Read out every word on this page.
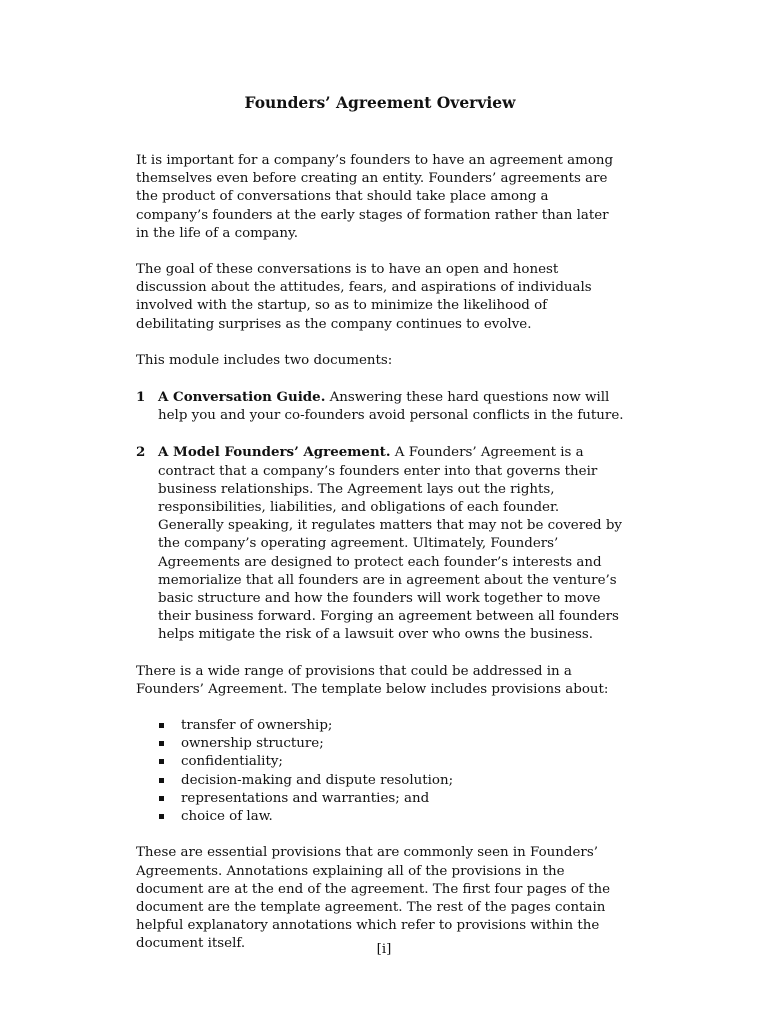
Founders’ Agreement Overview

It is important for a company’s founders to have an agreement among themselves even before creating an entity. Founders’ agreements are the product of conversations that should take place among a company’s founders at the early stages of formation rather than later in the life of a company.

The goal of these conversations is to have an open and honest discussion about the attitudes, fears, and aspirations of individuals involved with the startup, so as to minimize the likelihood of debilitating surprises as the company continues to evolve.

This module includes two documents:

1 A Conversation Guide. Answering these hard questions now will help you and your co-founders avoid personal conflicts in the future.
2 A Model Founders’ Agreement. A Founders’ Agreement is a contract that a company’s founders enter into that governs their business relationships. The Agreement lays out the rights, responsibilities, liabilities, and obligations of each founder. Generally speaking, it regulates matters that may not be covered by the company’s operating agreement. Ultimately, Founders’ Agreements are designed to protect each founder’s interests and memorialize that all founders are in agreement about the venture’s basic structure and how the founders will work together to move their business forward. Forging an agreement between all founders helps mitigate the risk of a lawsuit over who owns the business.

There is a wide range of provisions that could be addressed in a Founders’ Agreement. The template below includes provisions about:

transfer of ownership;
ownership structure;
confidentiality;
decision-making and dispute resolution;
representations and warranties; and
choice of law.

These are essential provisions that are commonly seen in Founders’ Agreements. Annotations explaining all of the provisions in the document are at the end of the agreement. The first four pages of the document are the template agreement. The rest of the pages contain helpful explanatory annotations which refer to provisions within the document itself.	[i]
